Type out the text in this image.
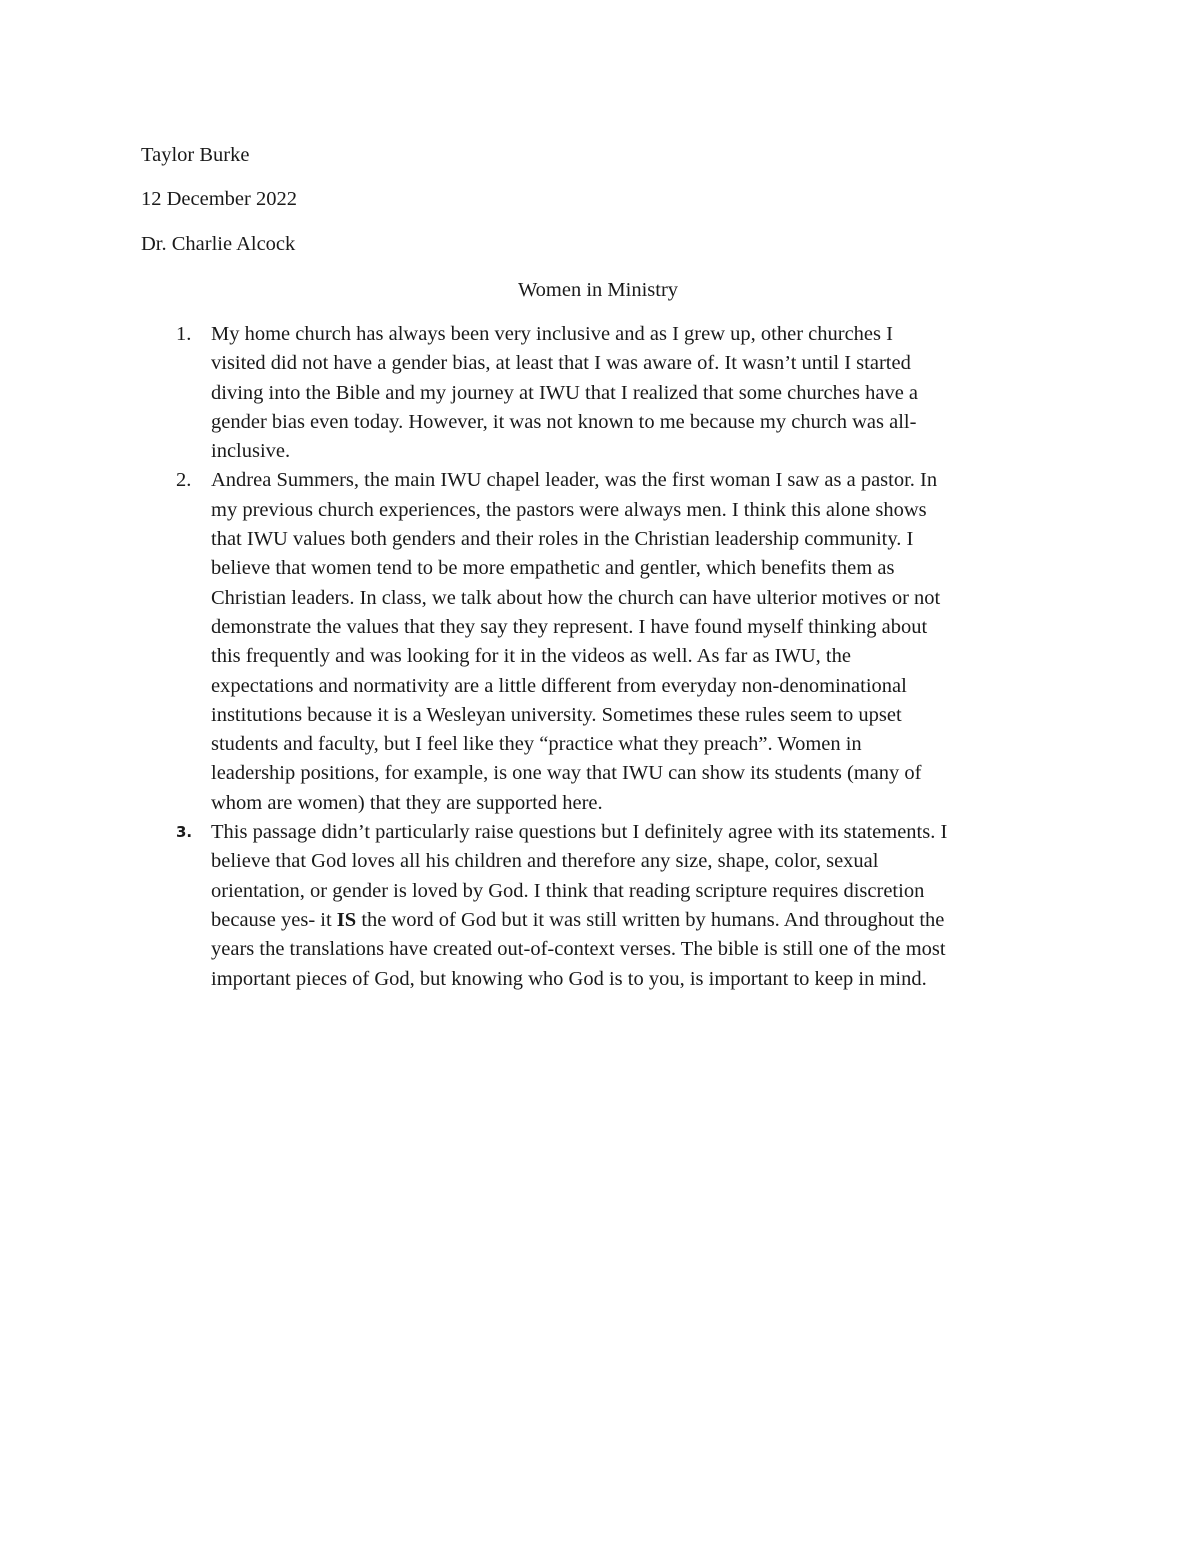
Taylor Burke
12 December 2022
Dr. Charlie Alcock
Women in Ministry
1. My home church has always been very inclusive and as I grew up, other churches I
visited did not have a gender bias, at least that I was aware of. It wasn’t until I started
diving into the Bible and my journey at IWU that I realized that some churches have a
gender bias even today. However, it was not known to me because my church was all-
inclusive.
2. Andrea Summers, the main IWU chapel leader, was the first woman I saw as a pastor. In
my previous church experiences, the pastors were always men. I think this alone shows
that IWU values both genders and their roles in the Christian leadership community. I
believe that women tend to be more empathetic and gentler, which benefits them as
Christian leaders. In class, we talk about how the church can have ulterior motives or not
demonstrate the values that they say they represent. I have found myself thinking about
this frequently and was looking for it in the videos as well. As far as IWU, the
expectations and normativity are a little different from everyday non-denominational
institutions because it is a Wesleyan university. Sometimes these rules seem to upset
students and faculty, but I feel like they “practice what they preach”. Women in
leadership positions, for example, is one way that IWU can show its students (many of
whom are women) that they are supported here.
3. This passage didn’t particularly raise questions but I definitely agree with its statements. I
believe that God loves all his children and therefore any size, shape, color, sexual
orientation, or gender is loved by God. I think that reading scripture requires discretion
because yes- it IS the word of God but it was still written by humans. And throughout the
years the translations have created out-of-context verses. The bible is still one of the most
important pieces of God, but knowing who God is to you, is important to keep in mind.
